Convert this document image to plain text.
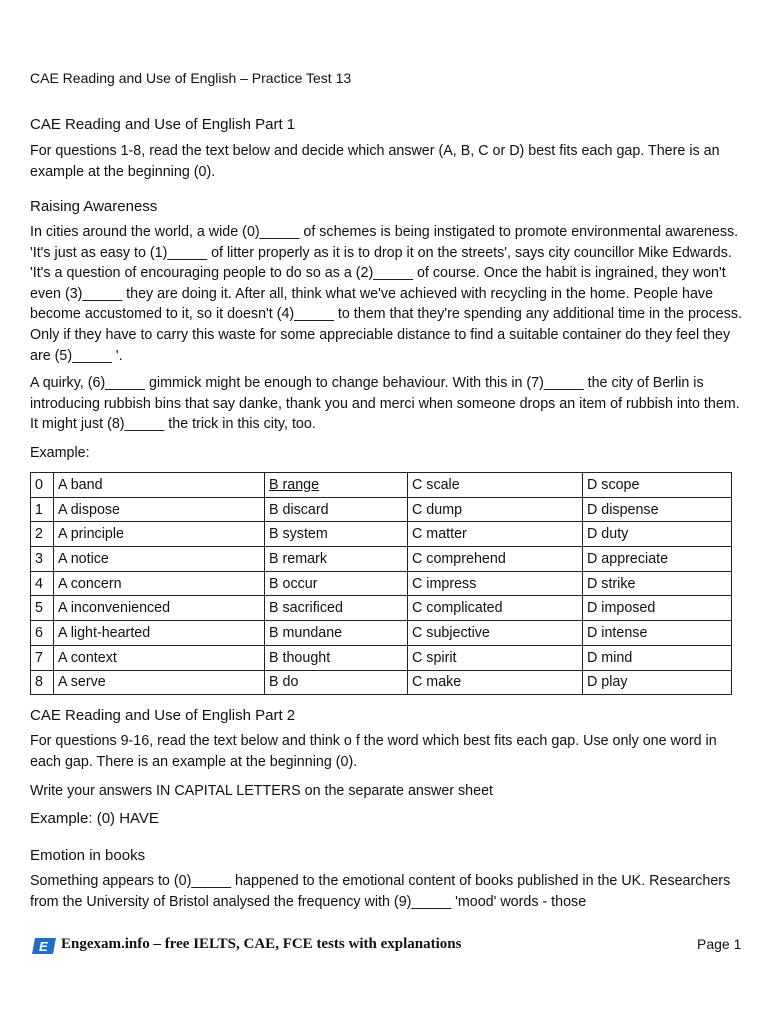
CAE Reading and Use of English – Practice Test 13
CAE Reading and Use of English Part 1

For questions 1-8, read the text below and decide which answer (A, B, C or D) best fits each gap. There is an example at the beginning (0).

Raising Awareness

In cities around the world, a wide (0)_____ of schemes is being instigated to promote environmental awareness. 'It's just as easy to (1)_____ of litter properly as it is to drop it on the streets', says city councillor Mike Edwards. 'It's a question of encouraging people to do so as a (2)_____ of course. Once the habit is ingrained, they won't even (3)_____ they are doing it. After all, think what we've achieved with recycling in the home. People have become accustomed to it, so it doesn't (4)_____ to them that they're spending any additional time in the process. Only if they have to carry this waste for some appreciable distance to find a suitable container do they feel they are (5)_____ '.

A quirky, (6)_____ gimmick might be enough to change behaviour. With this in (7)_____ the city of Berlin is introducing rubbish bins that say danke, thank you and merci when someone drops an item of rubbish into them. It might just (8)_____ the trick in this city, too.

Example:
0	A band	B range	C scale	D scope
1	A dispose	B discard	C dump	D dispense
2	A principle	B system	C matter	D duty
3	A notice	B remark	C comprehend	D appreciate
4	A concern	B occur	C impress	D strike
5	A inconvenienced	B sacrificed	C complicated	D imposed
6	A light-hearted	B mundane	C subjective	D intense
7	A context	B thought	C spirit	D mind
8	A serve	B do	C make	D play
CAE Reading and Use of English Part 2

For questions 9-16, read the text below and think o f the word which best fits each gap. Use only one word in each gap. There is an example at the beginning (0).

Write your answers IN CAPITAL LETTERS on the separate answer sheet
Example: (0) HAVE
Emotion in books

Something appears to (0)_____ happened to the emotional content of books published in the UK. Researchers from the University of Bristol analysed the frequency with (9)_____ 'mood' words - those

E Engexam.info – free IELTS, CAE, FCE tests with explanations	Page 1
